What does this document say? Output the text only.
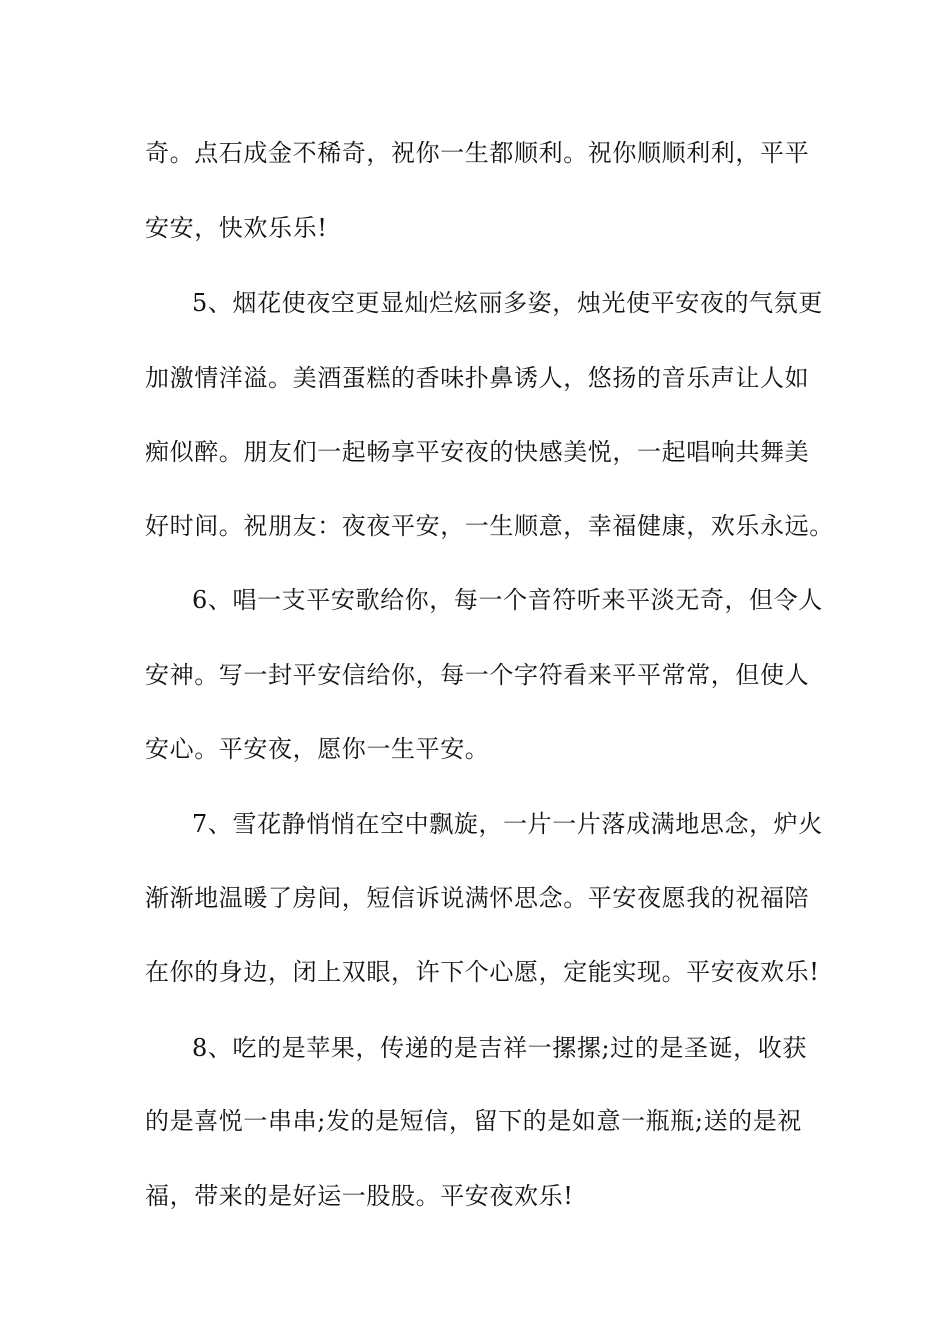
奇。点石成金不稀奇，祝你一生都顺利。祝你顺顺利利，平平
安安，快欢乐乐!
5、烟花使夜空更显灿烂炫丽多姿，烛光使平安夜的气氛更
加激情洋溢。美酒蛋糕的香味扑鼻诱人，悠扬的音乐声让人如
痴似醉。朋友们一起畅享平安夜的快感美悦，一起唱响共舞美
好时间。祝朋友：夜夜平安，一生顺意，幸福健康，欢乐永远。
6、唱一支平安歌给你，每一个音符听来平淡无奇，但令人
安神。写一封平安信给你，每一个字符看来平平常常，但使人
安心。平安夜，愿你一生平安。
7、雪花静悄悄在空中飘旋，一片一片落成满地思念，炉火
渐渐地温暖了房间，短信诉说满怀思念。平安夜愿我的祝福陪
在你的身边，闭上双眼，许下个心愿，定能实现。平安夜欢乐!
8、吃的是苹果，传递的是吉祥一摞摞;过的是圣诞，收获
的是喜悦一串串;发的是短信，留下的是如意一瓶瓶;送的是祝
福，带来的是好运一股股。平安夜欢乐!
